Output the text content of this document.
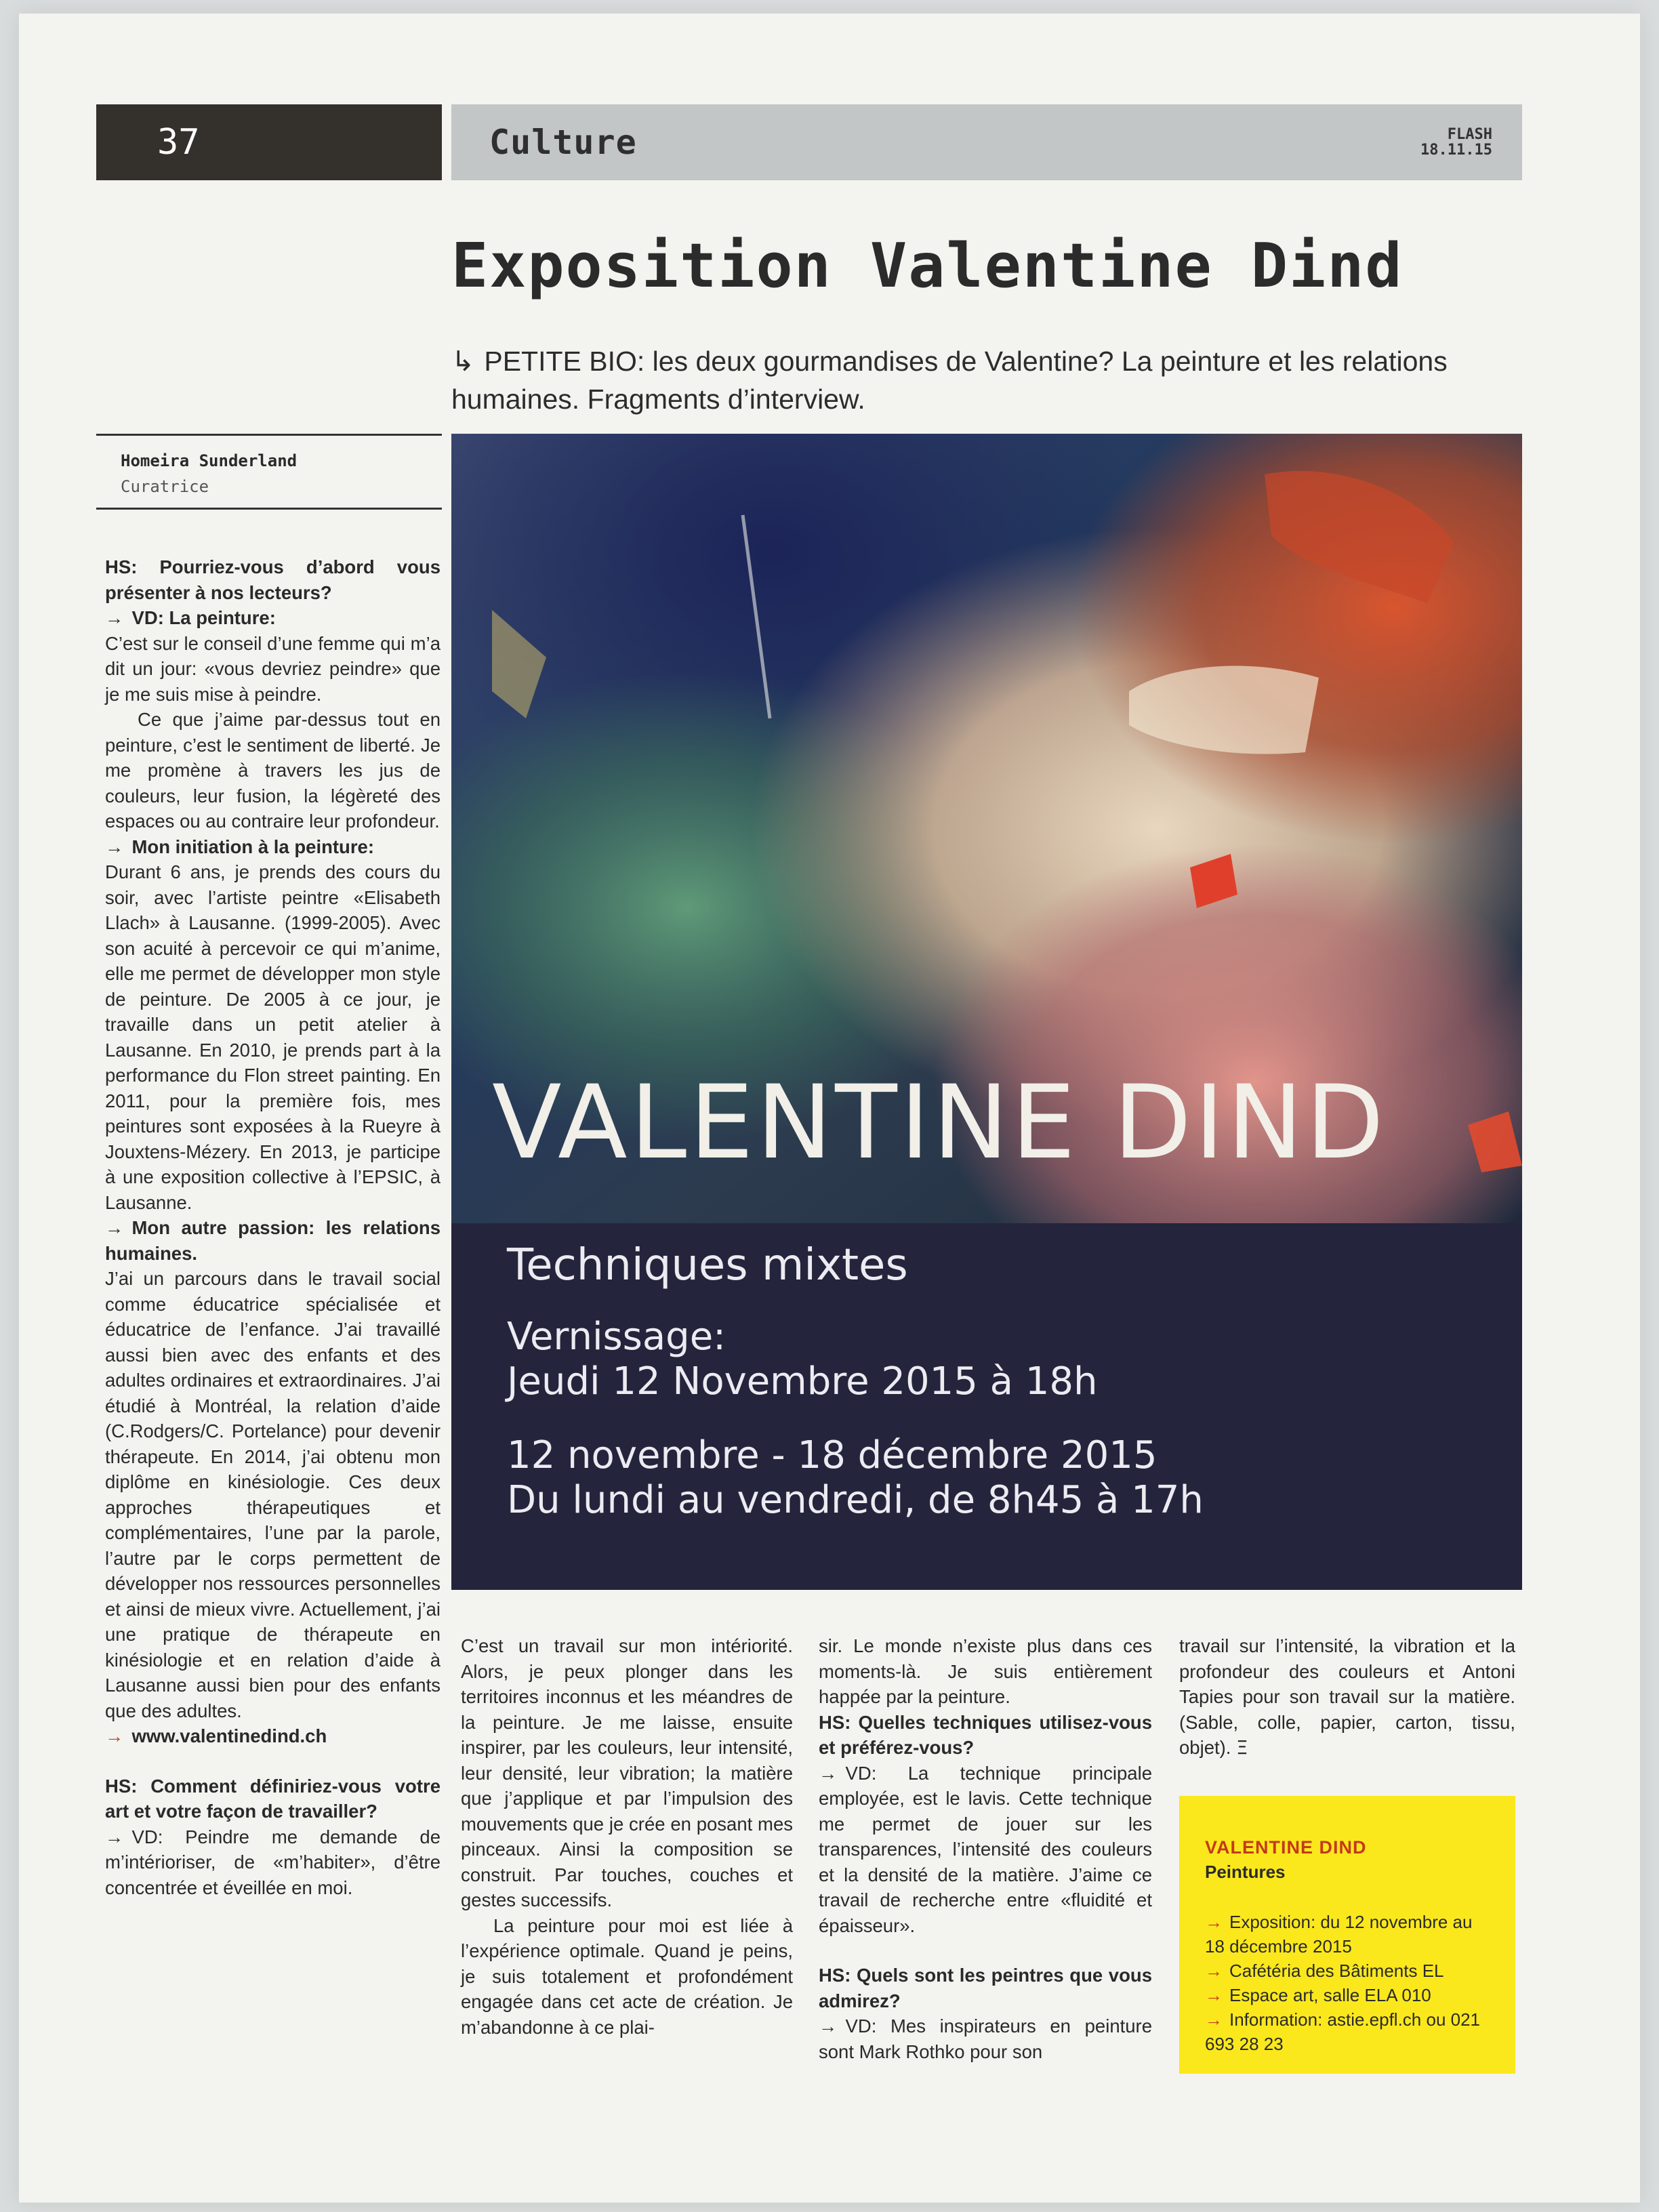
37	Culture	FLASH
18.11.15
Exposition Valentine Dind
↳ PETITE BIO: les deux gourmandises de Valentine? La peinture et les relations humaines. Fragments d’interview.
Homeira Sunderland
Curatrice
VALENTINE DIND
Techniques mixtes
Vernissage:
Jeudi 12 Novembre 2015 à 18h
12 novembre - 18 décembre 2015
Du lundi au vendredi, de 8h45 à 17h

HS: Pourriez-vous d’abord vous présenter à nos lecteurs?

→ VD: La peinture:

C’est sur le conseil d’une femme qui m’a dit un jour: «vous devriez peindre» que je me suis mise à peindre.

Ce que j’aime par-dessus tout en peinture, c’est le sentiment de liberté. Je me promène à travers les jus de couleurs, leur fusion, la légèreté des espaces ou au contraire leur profondeur.

→ Mon initiation à la peinture:

Durant 6 ans, je prends des cours du soir, avec l’artiste peintre «Elisabeth Llach» à Lausanne. (1999-2005). Avec son acuité à percevoir ce qui m’anime, elle me permet de développer mon style de peinture. De 2005 à ce jour, je travaille dans un petit atelier à Lausanne. En 2010, je prends part à la performance du Flon street painting. En 2011, pour la première fois, mes peintures sont exposées à la Rueyre à Jouxtens-Mézery. En 2013, je participe à une exposition collective à l’EPSIC, à Lausanne.

→ Mon autre passion: les relations humaines.

J’ai un parcours dans le travail social comme éducatrice spécialisée et éducatrice de l’enfance. J’ai travaillé aussi bien avec des enfants et des adultes ordinaires et extraordinaires. J’ai étudié à Montréal, la relation d’aide (C.Rodgers/C. Portelance) pour devenir thérapeute. En 2014, j’ai obtenu mon diplôme en kinésiologie. Ces deux approches thérapeutiques et complémentaires, l’une par la parole, l’autre par le corps permettent de développer nos ressources personnelles et ainsi de mieux vivre. Actuellement, j’ai une pratique de thérapeute en kinésiologie et en relation d’aide à Lausanne aussi bien pour des enfants que des adultes.

→ www.valentinedind.ch

HS: Comment définiriez-vous votre art et votre façon de travailler?

→ VD: Peindre me demande de m’intérioriser, de «m’habiter», d’être concentrée et éveillée en moi.

C’est un travail sur mon intériorité. Alors, je peux plonger dans les territoires inconnus et les méandres de la peinture. Je me laisse, ensuite inspirer, par les couleurs, leur intensité, leur densité, leur vibration; la matière que j’applique et par l’impulsion des mouvements que je crée en posant mes pinceaux. Ainsi la composition se construit. Par touches, couches et gestes successifs.

La peinture pour moi est liée à l’expérience optimale. Quand je peins, je suis totalement et profondément engagée dans cet acte de création. Je m’abandonne à ce plai-

sir. Le monde n’existe plus dans ces moments-là. Je suis entièrement happée par la peinture.

HS: Quelles techniques utilisez-vous et préférez-vous?

→ VD: La technique principale employée, est le lavis. Cette technique me permet de jouer sur les transparences, l’intensité des couleurs et la densité de la matière. J’aime ce travail de recherche entre «fluidité et épaisseur».

HS: Quels sont les peintres que vous admirez?

→ VD: Mes inspirateurs en peinture sont Mark Rothko pour son

travail sur l’intensité, la vibration et la profondeur des couleurs et Antoni Tapies pour son travail sur la matière. (Sable, colle, papier, carton, tissu, objet). Ξ

VALENTINE DIND
Peintures
→ Exposition: du 12 novembre au 18 décembre 2015
→ Cafétéria des Bâtiments EL
→ Espace art, salle ELA 010
→ Information: astie.epfl.ch ou 021 693 28 23
